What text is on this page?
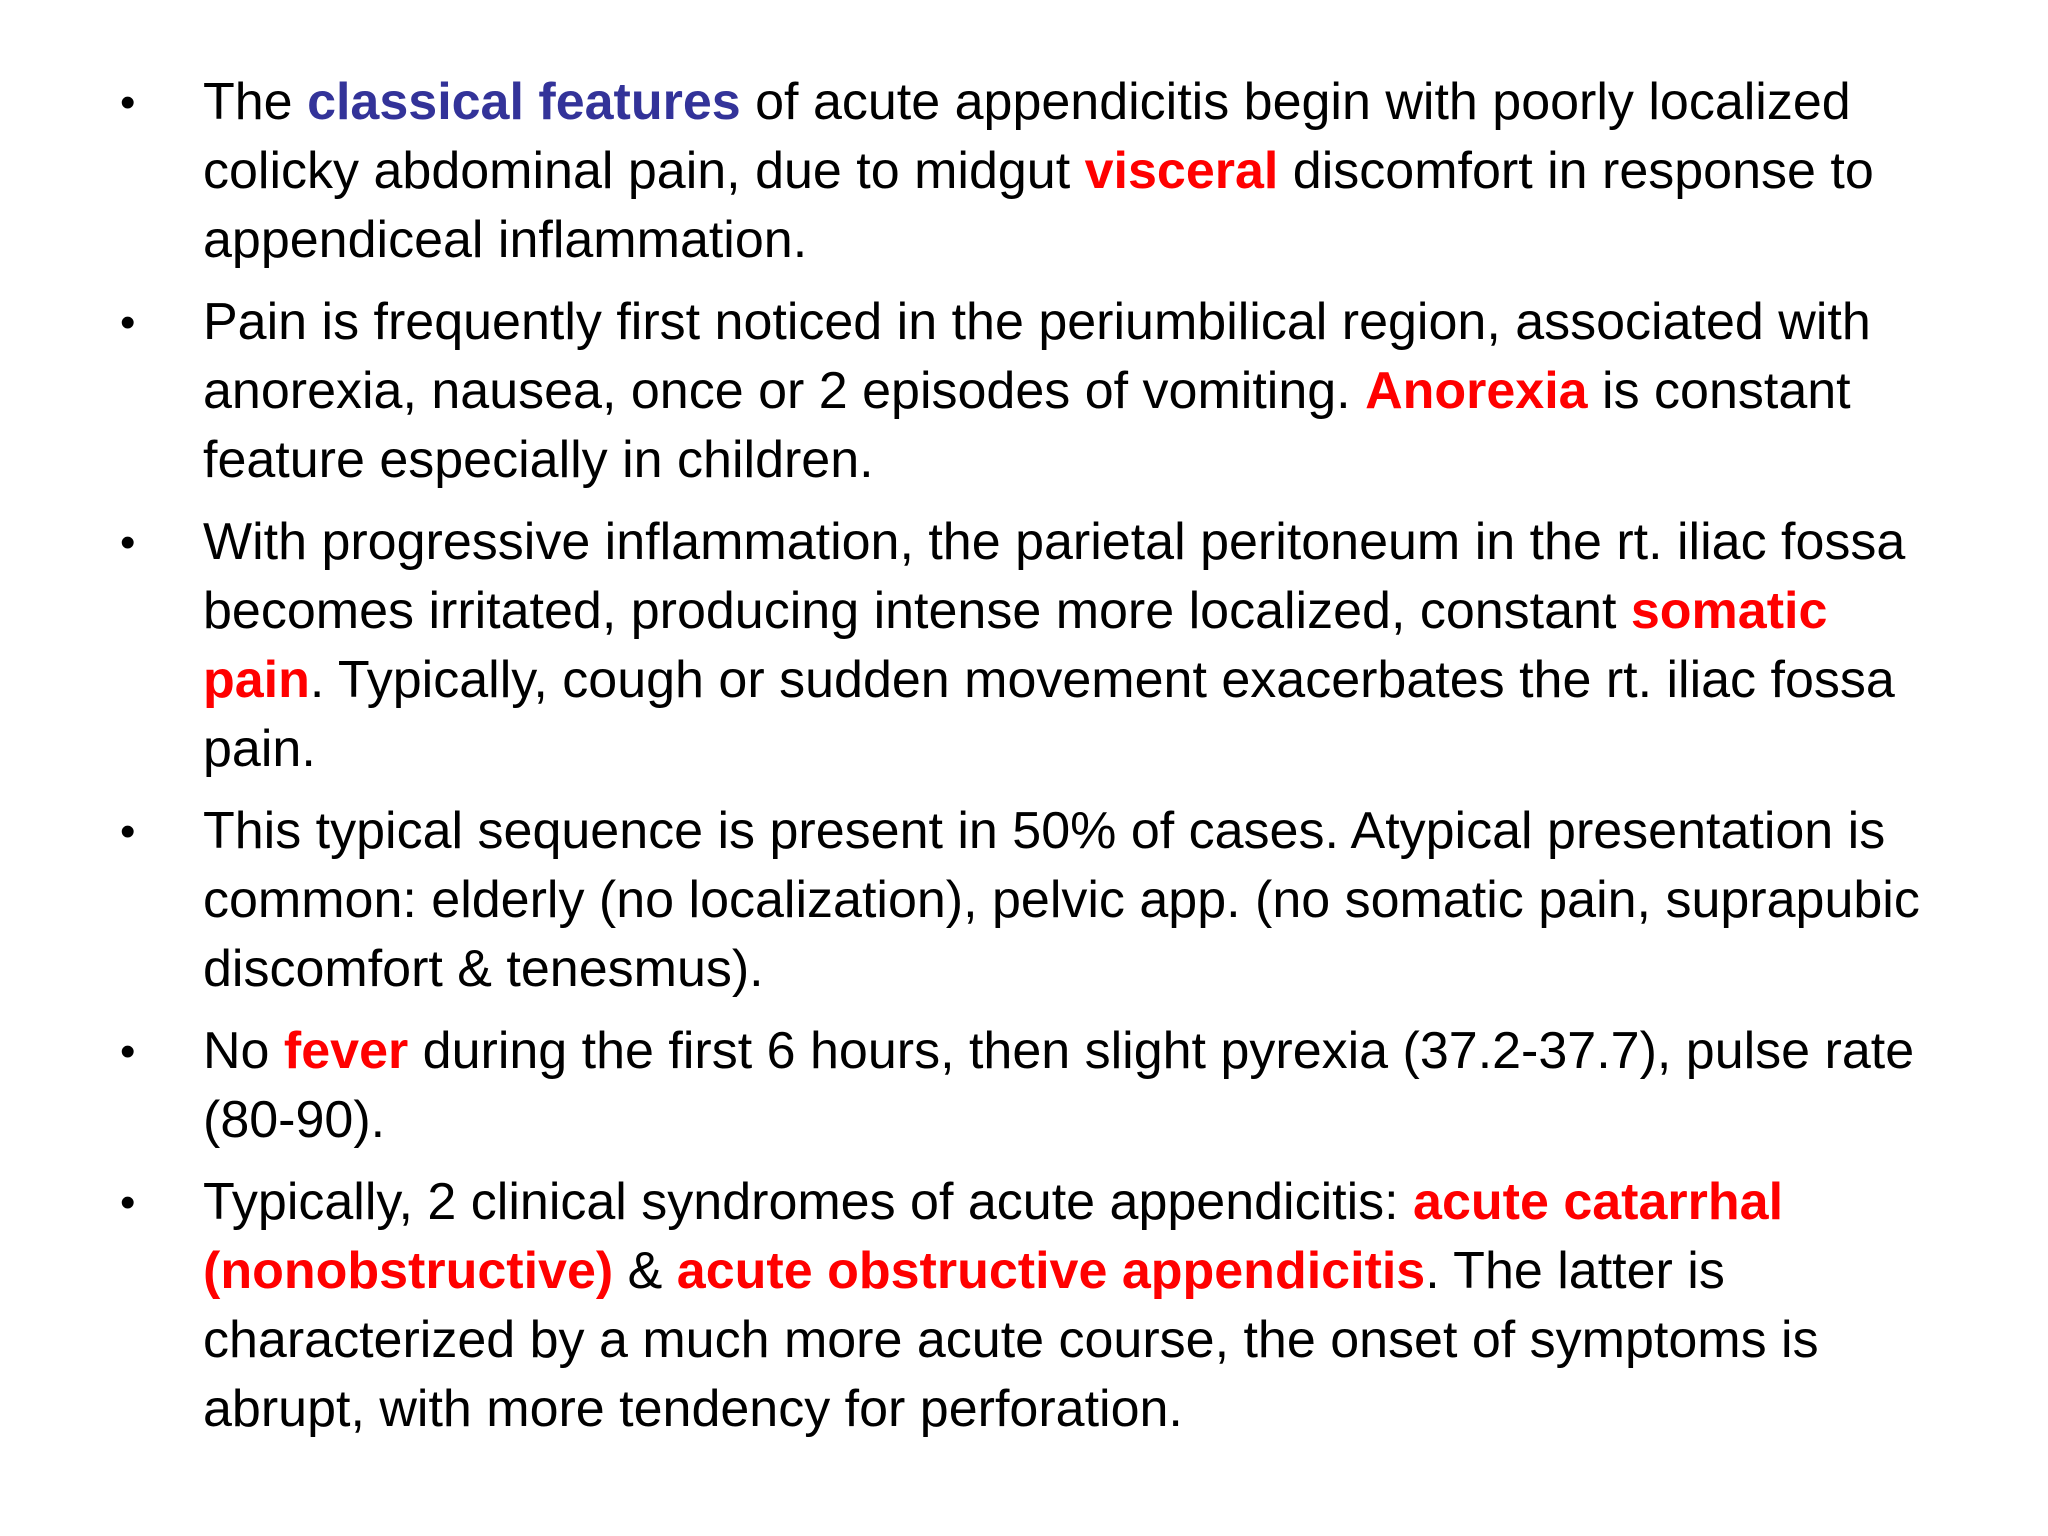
• The classical features of acute appendicitis begin with poorly localized colicky abdominal pain, due to midgut visceral discomfort in response to appendiceal inflammation.
• Pain is frequently first noticed in the periumbilical region, associated with anorexia, nausea, once or 2 episodes of vomiting. Anorexia is constant feature especially in children.
• With progressive inflammation, the parietal peritoneum in the rt. iliac fossa becomes irritated, producing intense more localized, constant somatic pain. Typically, cough or sudden movement exacerbates the rt. iliac fossa pain.
• This typical sequence is present in 50% of cases. Atypical presentation is common: elderly (no localization), pelvic app. (no somatic pain, suprapubic discomfort & tenesmus).
• No fever during the first 6 hours, then slight pyrexia (37.2-37.7), pulse rate (80-90).
• Typically, 2 clinical syndromes of acute appendicitis: acute catarrhal (nonobstructive) & acute obstructive appendicitis. The latter is characterized by a much more acute course, the onset of symptoms is abrupt, with more tendency for perforation.
